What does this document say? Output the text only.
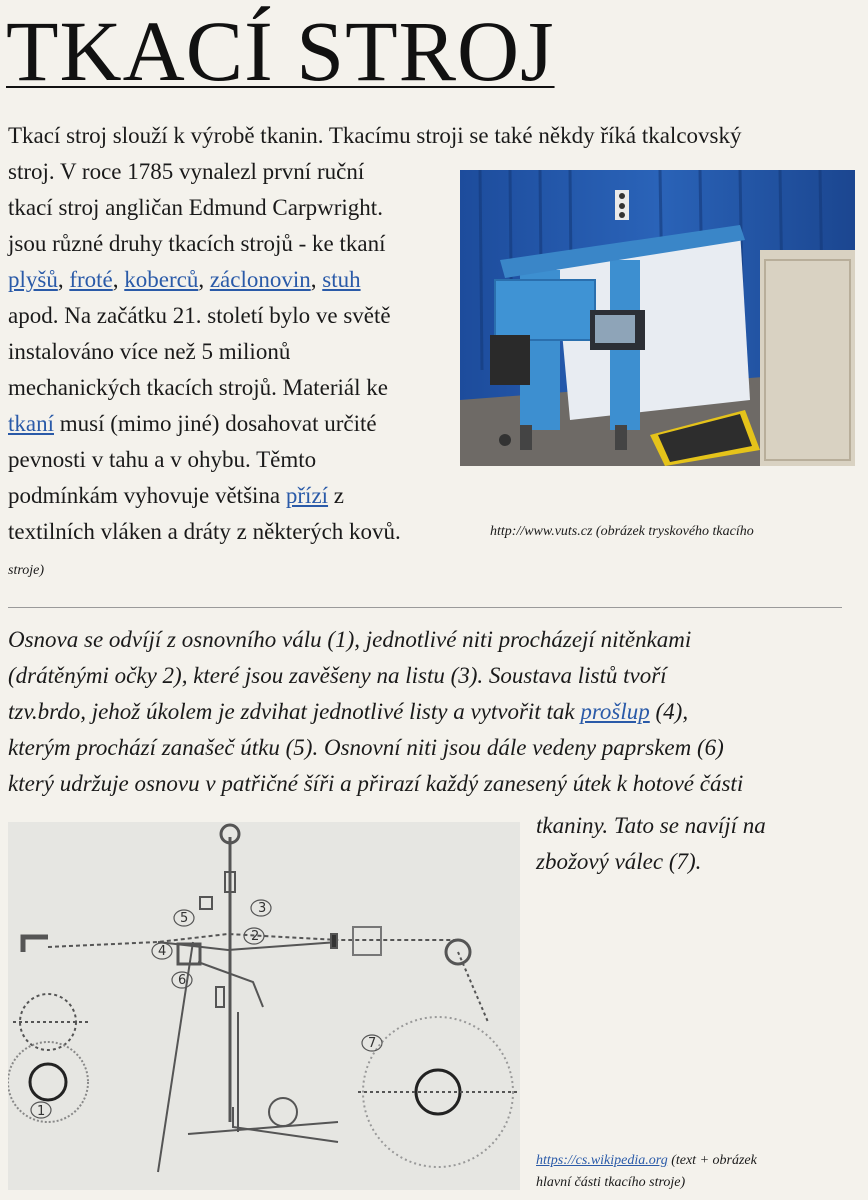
TKACÍ STROJ

Tkací stroj slouží k výrobě tkanin. Tkacímu stroji se také někdy říká tkalcovský

stroj. V roce 1785 vynalezl první ruční
tkací stroj angličan Edmund Carpwright.
jsou různé druhy tkacích strojů - ke tkaní
plyšů, froté, koberců, záclonovin, stuh
apod. Na začátku 21. století bylo ve světě
instalováno více než 5 milionů
mechanických tkacích strojů. Materiál ke
tkaní musí (mimo jiné) dosahovat určité
pevnosti v tahu a v ohybu. Těmto
podmínkám vyhovuje většina přízí z
textilních vláken a dráty z některých kovů.	http://www.vuts.cz (obrázek tryskového tkacího
stroje)

Osnova se odvíjí z osnovního válu (1), jednotlivé niti procházejí nitěnkami
(drátěnými očky 2), které jsou zavěšeny na listu (3). Soustava listů tvoří
tzv.brdo, jehož úkolem je zdvihat jednotlivé listy a vytvořit tak prošlup (4),
kterým prochází zanašeč útku (5). Osnovní niti jsou dále vedeny paprskem (6)
který udržuje osnovu v patřičné šíři a přirazí každý zanesený útek k hotové části

tkaniny. Tato se navíjí na
zbožový válec (7).

1
2
3
4
5
6
7
https://cs.wikipedia.org (text + obrázek
hlavní části tkacího stroje)
